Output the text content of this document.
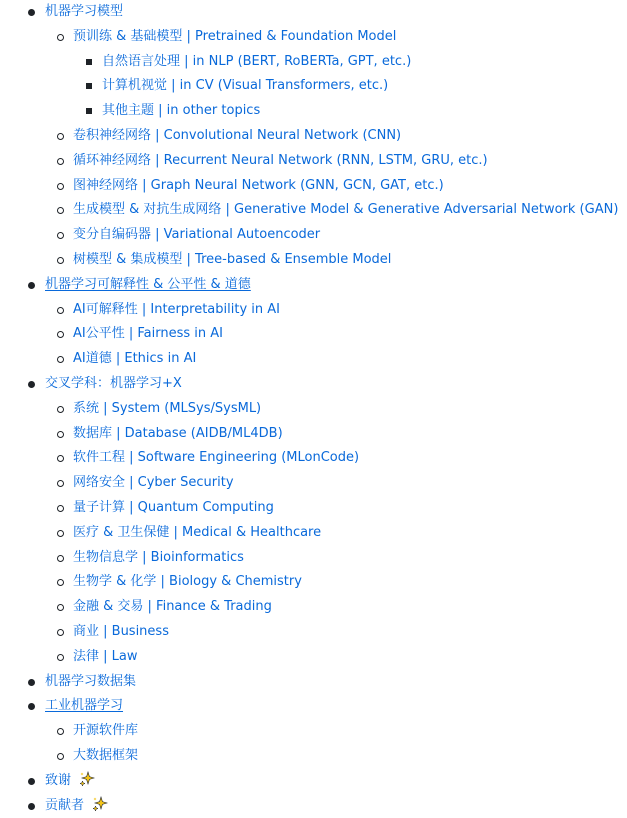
机器学习模型
预训练 & 基础模型 | Pretrained & Foundation Model
自然语言处理 | in NLP (BERT, RoBERTa, GPT, etc.)
计算机视觉 | in CV (Visual Transformers, etc.)
其他主题 | in other topics
卷积神经网络 | Convolutional Neural Network (CNN)
循环神经网络 | Recurrent Neural Network (RNN, LSTM, GRU, etc.)
图神经网络 | Graph Neural Network (GNN, GCN, GAT, etc.)
生成模型 & 对抗生成网络 | Generative Model & Generative Adversarial Network (GAN)
变分自编码器 | Variational Autoencoder
树模型 & 集成模型 | Tree-based & Ensemble Model
机器学习可解释性 & 公平性 & 道德
AI可解释性 | Interpretability in AI
AI公平性 | Fairness in AI
AI道德 | Ethics in AI
交叉学科：机器学习+X
系统 | System (MLSys/SysML)
数据库 | Database (AIDB/ML4DB)
软件工程 | Software Engineering (MLonCode)
网络安全 | Cyber Security
量子计算 | Quantum Computing
医疗 & 卫生保健 | Medical & Healthcare
生物信息学 | Bioinformatics
生物学 & 化学 | Biology & Chemistry
金融 & 交易 | Finance & Trading
商业 | Business
法律 | Law
机器学习数据集
工业机器学习
开源软件库
大数据框架
致谢
贡献者
